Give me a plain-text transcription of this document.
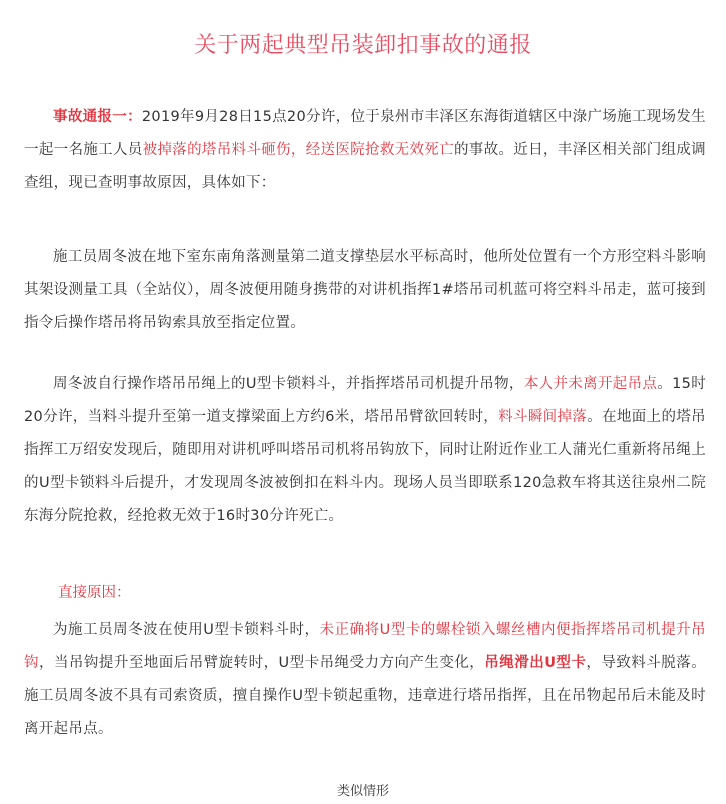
关于两起典型吊装卸扣事故的通报

事故通报一：2019年9月28日15点20分许，位于泉州市丰泽区东海街道辖区中淥广场施工现场发生一起一名施工人员被掉落的塔吊料斗砸伤，经送医院抢救无效死亡的事故。近日，丰泽区相关部门组成调查组，现已查明事故原因，具体如下：

施工员周冬波在地下室东南角落测量第二道支撑垫层水平标高时，他所处位置有一个方形空料斗影响其架设测量工具（全站仪），周冬波便用随身携带的对讲机指挥1#塔吊司机蓝可将空料斗吊走，蓝可接到指令后操作塔吊将吊钩索具放至指定位置。

周冬波自行操作塔吊吊绳上的U型卡锁料斗，并指挥塔吊司机提升吊物，本人并未离开起吊点。15时20分许，当料斗提升至第一道支撑梁面上方约6米，塔吊吊臂欲回转时，料斗瞬间掉落。在地面上的塔吊指挥工万绍安发现后，随即用对讲机呼叫塔吊司机将吊钩放下，同时让附近作业工人蒲光仁重新将吊绳上的U型卡锁料斗后提升，才发现周冬波被倒扣在料斗内。现场人员当即联系120急救车将其送往泉州二院东海分院抢救，经抢救无效于16时30分许死亡。

直接原因：

为施工员周冬波在使用U型卡锁料斗时，未正确将U型卡的螺栓锁入螺丝槽内便指挥塔吊司机提升吊钩，当吊钩提升至地面后吊臂旋转时，U型卡吊绳受力方向产生变化，吊绳滑出U型卡，导致料斗脱落。施工员周冬波不具有司索资质，擅自操作U型卡锁起重物，违章进行塔吊指挥，且在吊物起吊后未能及时离开起吊点。

类似情形
